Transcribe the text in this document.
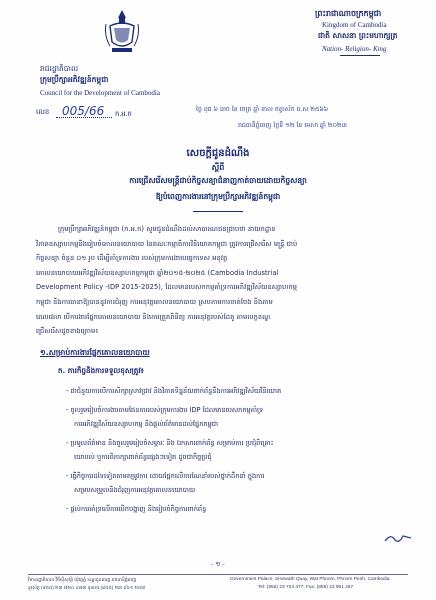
ព្រះរាជាណាចក្រកម្ពុជា
Kingdom of Cambodia
ជាតិ សាសនា ព្រះមហាក្សត្រ
Nation- Religion- King
រាជរដ្ឋាភិបាល
ក្រុមប្រឹក្សាអភិវឌ្ឍន៍កម្ពុជា
Council for the Development of Cambodia
លេខ 005/66 ក.អ.ក
ថ្ងៃ ពុធ ៦ រោច ខែ ចេត្រ ឆ្នាំ ខាល ចត្វាស័ក ព.ស ២៥៦៦
រាជធានីភ្នំពេញ ថ្ងៃទី ១២ ខែ មេសា ឆ្នាំ ២០២៣
សេចក្តីជូនដំណឹង
ស្តីពី
ការជ្រើសរើសមន្ត្រីជាប់កិច្ចសន្យាជំនាញកាត់ចាយដោយកិច្ចសន្យា
ឱ្យបំពេញការងារនៅក្រុមប្រឹក្សាអភិវឌ្ឍន៍កម្ពុជា
ក្រុមប្រឹក្សាអភិវឌ្ឍន៍កម្ពុជា (ក.អ.ក) សូមជូនដំណឹងដល់សាធារណជនជ្រាបថា នាយកដ្ឋាន
វិភាគឧស្សាហកម្មនិងរៀបចំគោលនយោបាយ នៃគណៈកម្មាធិការវិនិយោគកម្ពុជា ត្រូវការជ្រើសរើស មន្ត្រី ជាប់
កិច្ចសន្យា ចំនួន ០១ រូប ដើម្បីគាំទ្រការងារ របស់ក្រុមការងារបច្ចេកទេស អនុវត្ត
គោលនយោបាយអភិវឌ្ឍវិស័យឧស្សាហកម្មកម្ពុជា ឆ្នាំ២០១៥-២០២៥ (Cambodia Industrial
Development Policy -IDP 2015-2025), ដែលមានបេសកកម្មគាំទ្រការអភិវឌ្ឍវិស័យឧស្សាហកម្ម
កម្ពុជា និងការធានាឱ្យបាននូវការជំរុញ ការអនុវត្តគោលនយោបាយ ស្របតាមការចាត់ចែង និងតាម
ពេលវេលា បើការងារផ្នែកគោលនយោបាយ និងការត្រួតពិនិត្យ ការអនុវត្តរបស់ដៃគូ តាមលក្ខខណ្ឌ
ជ្រើសរើសដូចខាងក្រោម៖
១.សម្រាប់ការងារផ្នែកគោលនយោបាយ
ក. ភារកិច្ចនិងការទទួលខុសត្រូវ៖
- ជាជំនួយការបើការសិក្សាស្រាវជ្រាវ និងវិភាគទិន្នន័យពាក់ព័ន្ធនឹងការអភិវឌ្ឍវិស័យវិនិយោគ
- ចូលរួមរៀបចំការងារតាមផែនការរបស់ក្រុមការងារ IDP ដែលមានបេសកកម្មគាំទ្រ
ការអភិវឌ្ឍវិស័យឧស្សាហកម្ម និងផ្តល់ព័ត៌មានដល់ផ្នែកកម្ពុជា
- ប្រមូលព័ត៌មាន និងចូលរួមរៀបចំសម្ភារៈ និង ឯកសារពាក់ព័ន្ធ សម្រាប់ការ ប្រជុំពិគ្រោះ
យោបល់ ឬការពិភាក្សាពាក់ព័ន្ធផ្សេងៗទៀត ដូចជាកិច្ចប្រជុំ
- ធ្វើកិច្ចការដទៃទៀតតាមតម្រូវការ ដោយផ្អែកលើការណែនាំរបស់ថ្នាក់ដឹកនាំ ក្នុងការ
សម្របសម្រួលនិងជំរុញការអនុវត្តគោលនយោបាយ
- ផ្តល់ការគាំទ្រលើការបើកបង្ហាញ និងរៀបចំកិច្ចការពាក់ព័ន្ធ
- ១ -
វិមានរដ្ឋាភិបាល វិថីស៊ីសុវត្ថិ ឃុំវត្តភ្នំ ខណ្ឌដូនពេញ រាជធានីភ្នំពេញ
ទូរស័ព្ទ (៨៥៥) ២៣ ៧២៤ ៤៧៧ ទូរសារ (៨៥៥) ២៣ ៩៦១ ២៥៧
Government Palace, Sisowath Quay, Wat Phnom, Phnom Penh, Cambodia.
Tel: (855) 23 724 477, Fax: (855) 23 961 257
